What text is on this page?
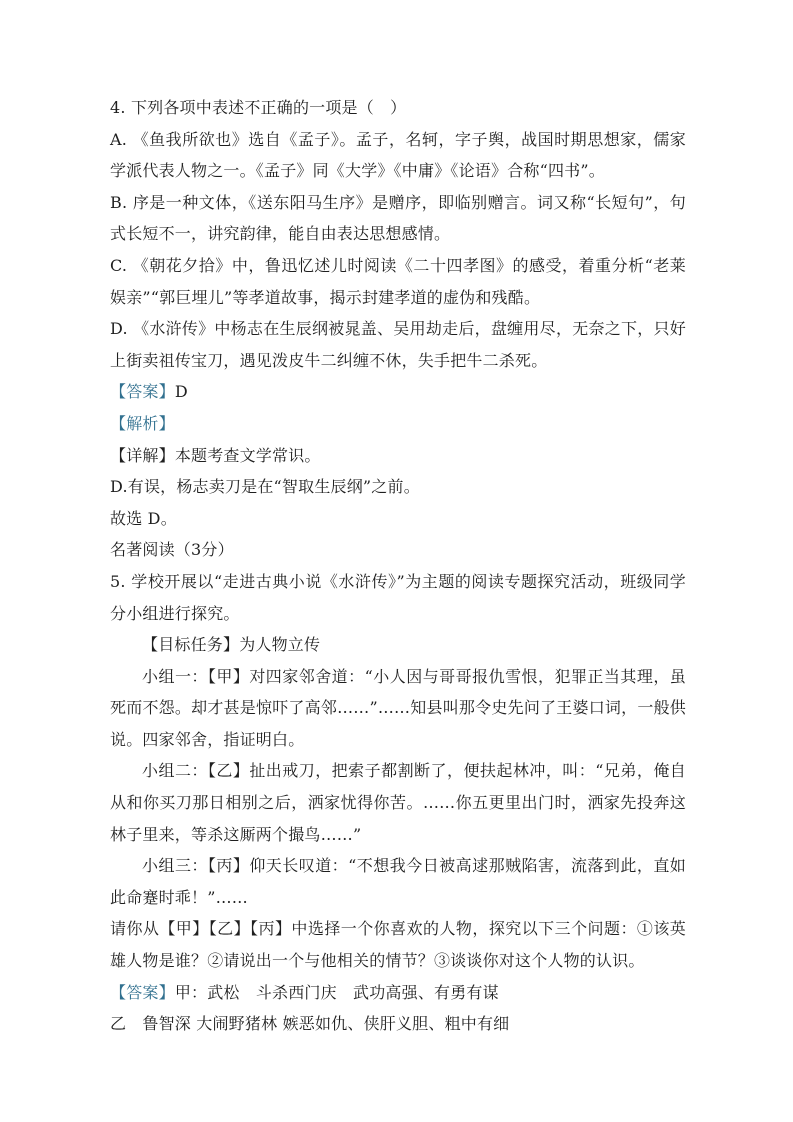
4. 下列各项中表述不正确的一项是（　）

A. 《鱼我所欲也》选自《孟子》。孟子，名轲，字子舆，战国时期思想家，儒家学派代表人物之一。《孟子》同《大学》《中庸》《论语》合称“四书”。

B. 序是一种文体，《送东阳马生序》是赠序，即临别赠言。词又称“长短句”，句式长短不一，讲究韵律，能自由表达思想感情。

C. 《朝花夕拾》中，鲁迅忆述儿时阅读《二十四孝图》的感受，着重分析“老莱娱亲”“郭巨埋儿”等孝道故事，揭示封建孝道的虚伪和残酷。

D. 《水浒传》中杨志在生辰纲被晁盖、吴用劫走后，盘缠用尽，无奈之下，只好上街卖祖传宝刀，遇见泼皮牛二纠缠不休，失手把牛二杀死。

【答案】D

【解析】

【详解】本题考查文学常识。

D.有误，杨志卖刀是在“智取生辰纲”之前。

故选 D。

名著阅读（3分）

5. 学校开展以“走进古典小说《水浒传》”为主题的阅读专题探究活动，班级同学分小组进行探究。

【目标任务】为人物立传

小组一：【甲】对四家邻舍道：“小人因与哥哥报仇雪恨，犯罪正当其理，虽死而不怨。却才甚是惊吓了高邻……”……知县叫那令史先问了王婆口词，一般供说。四家邻舍，指证明白。

小组二：【乙】扯出戒刀，把索子都割断了，便扶起林冲，叫：“兄弟，俺自从和你买刀那日相别之后，洒家忧得你苦。……你五更里出门时，洒家先投奔这林子里来，等杀这厮两个撮鸟……”

小组三：【丙】仰天长叹道：“不想我今日被高逑那贼陷害，流落到此，直如此命蹇时乖！”……

请你从【甲】【乙】【丙】中选择一个你喜欢的人物，探究以下三个问题：①该英雄人物是谁？②请说出一个与他相关的情节？③谈谈你对这个人物的认识。

【答案】甲：武松　斗杀西门庆　武功高强、有勇有谋

乙　鲁智深 大闹野猪林 嫉恶如仇、侠肝义胆、粗中有细
